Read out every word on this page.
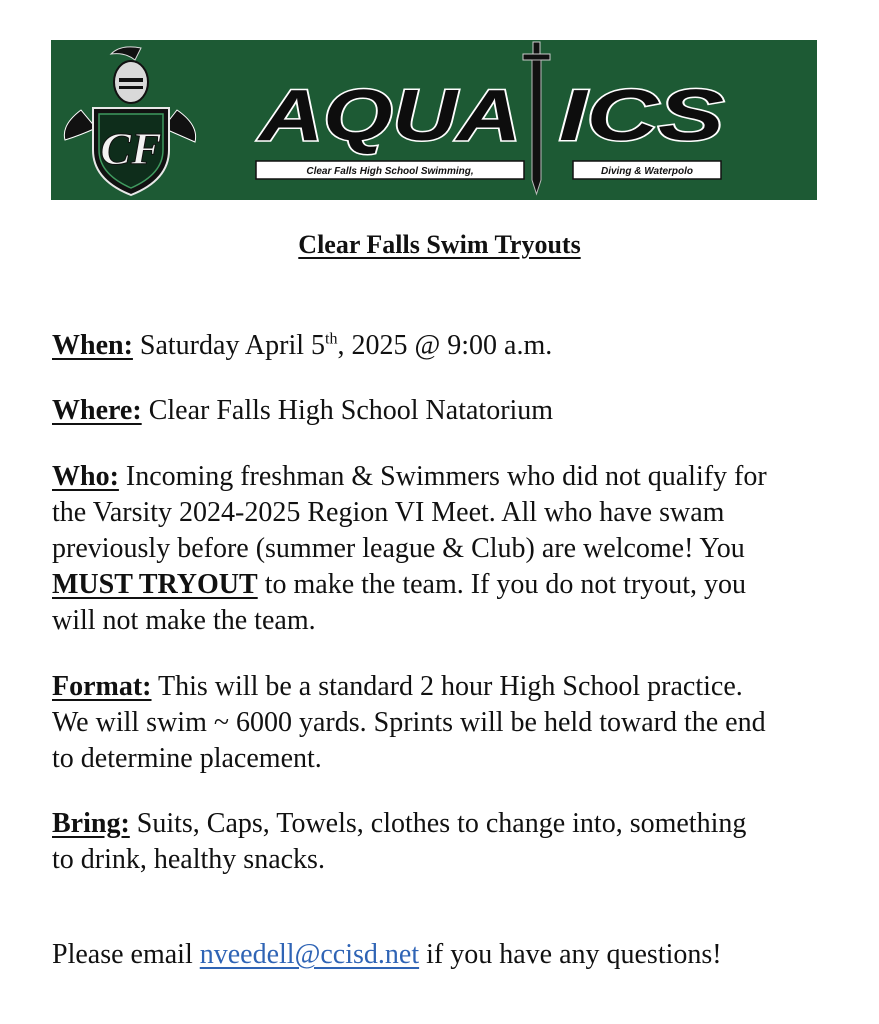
CF AQUA ICS
Clear Falls High School Swimming,	Diving & Waterpolo
Clear Falls Swim Tryouts
When: Saturday April 5th, 2025 @ 9:00 a.m.
Where: Clear Falls High School Natatorium
Who: Incoming freshman & Swimmers who did not qualify for
the Varsity 2024-2025 Region VI Meet. All who have swam
previously before (summer league & Club) are welcome! You
MUST TRYOUT to make the team. If you do not tryout, you
will not make the team.
Format: This will be a standard 2 hour High School practice.
We will swim ~ 6000 yards. Sprints will be held toward the end
to determine placement.
Bring: Suits, Caps, Towels, clothes to change into, something
to drink, healthy snacks.
Please email nveedell@ccisd.net if you have any questions!
